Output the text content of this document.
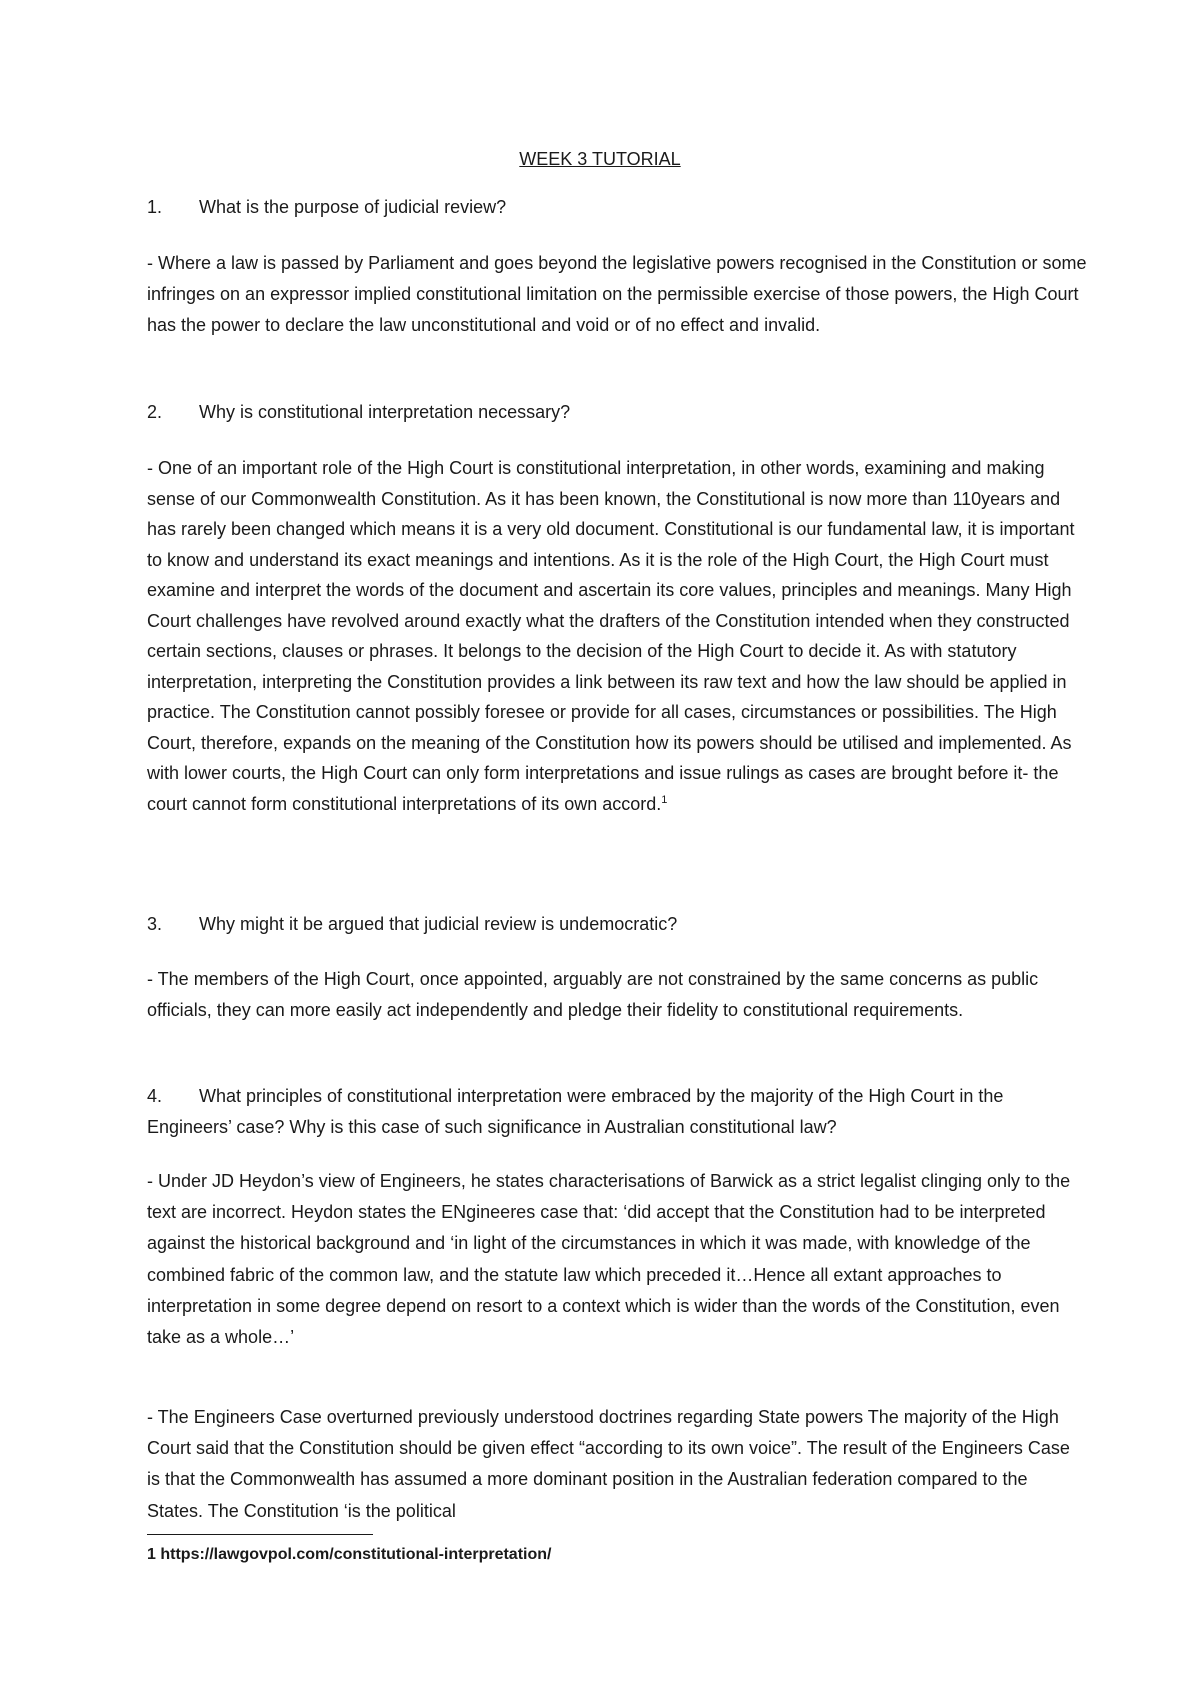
WEEK 3 TUTORIAL
1. What is the purpose of judicial review?
- Where a law is passed by Parliament and goes beyond the legislative powers recognised in the Constitution or some infringes on an expressor implied constitutional limitation on the permissible exercise of those powers, the High Court has the power to declare the law unconstitutional and void or of no effect and invalid.
2. Why is constitutional interpretation necessary?
- One of an important role of the High Court is constitutional interpretation, in other words, examining and making sense of our Commonwealth Constitution. As it has been known, the Constitutional is now more than 110years and has rarely been changed which means it is a very old document. Constitutional is our fundamental law, it is important to know and understand its exact meanings and intentions. As it is the role of the High Court, the High Court must examine and interpret the words of the document and ascertain its core values, principles and meanings. Many High Court challenges have revolved around exactly what the drafters of the Constitution intended when they constructed certain sections, clauses or phrases. It belongs to the decision of the High Court to decide it. As with statutory interpretation, interpreting the Constitution provides a link between its raw text and how the law should be applied in practice. The Constitution cannot possibly foresee or provide for all cases, circumstances or possibilities. The High Court, therefore, expands on the meaning of the Constitution how its powers should be utilised and implemented. As with lower courts, the High Court can only form interpretations and issue rulings as cases are brought before it- the court cannot form constitutional interpretations of its own accord.$^1$
3. Why might it be argued that judicial review is undemocratic?
- The members of the High Court, once appointed, arguably are not constrained by the same concerns as public officials, they can more easily act independently and pledge their fidelity to constitutional requirements.
4. What principles of constitutional interpretation were embraced by the majority of the High Court in the Engineers’ case? Why is this case of such significance in Australian constitutional law?
- Under JD Heydon’s view of Engineers, he states characterisations of Barwick as a strict legalist clinging only to the text are incorrect. Heydon states the ENgineeres case that: ‘did accept that the Constitution had to be interpreted against the historical background and ‘in light of the circumstances in which it was made, with knowledge of the combined fabric of the common law, and the statute law which preceded it…Hence all extant approaches to interpretation in some degree depend on resort to a context which is wider than the words of the Constitution, even take as a whole…’
- The Engineers Case overturned previously understood doctrines regarding State powers The majority of the High Court said that the Constitution should be given effect “according to its own voice”. The result of the Engineers Case is that the Commonwealth has assumed a more dominant position in the Australian federation compared to the States. The Constitution ‘is the political
1 https://lawgovpol.com/constitutional-interpretation/
